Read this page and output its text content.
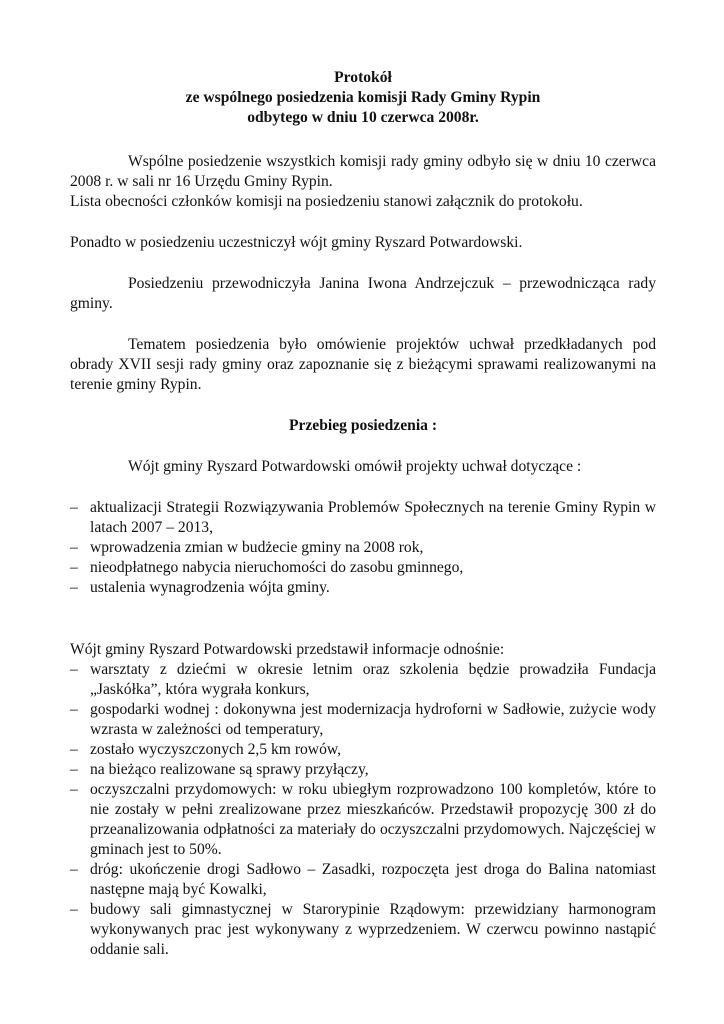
Protokół
ze wspólnego posiedzenia komisji Rady Gminy Rypin
odbytego w dniu 10 czerwca 2008r.

Wspólne posiedzenie wszystkich komisji rady gminy odbyło się w dniu 10 czerwca 2008 r. w sali nr 16 Urzędu Gminy Rypin.

Lista obecności członków komisji na posiedzeniu stanowi załącznik do protokołu.

Ponadto w posiedzeniu uczestniczył wójt gminy Ryszard Potwardowski.

Posiedzeniu przewodniczyła Janina Iwona Andrzejczuk – przewodnicząca rady gminy.

Tematem posiedzenia było omówienie projektów uchwał przedkładanych pod obrady XVII sesji rady gminy oraz zapoznanie się z bieżącymi sprawami realizowanymi na terenie gminy Rypin.

Przebieg posiedzenia :

Wójt gminy Ryszard Potwardowski omówił projekty uchwał dotyczące :

– aktualizacji Strategii Rozwiązywania Problemów Społecznych na terenie Gminy Rypin w latach 2007 – 2013,
– wprowadzenia zmian w budżecie gminy na 2008 rok,
– nieodpłatnego nabycia nieruchomości do zasobu gminnego,
– ustalenia wynagrodzenia wójta gminy.

Wójt gminy Ryszard Potwardowski przedstawił informacje odnośnie:

– warsztaty z dziećmi w okresie letnim oraz szkolenia będzie prowadziła Fundacja „Jaskółka”, która wygrała konkurs,
– gospodarki wodnej : dokonywna jest modernizacja hydroforni w Sadłowie, zużycie wody wzrasta w zależności od temperatury,
– zostało wyczyszczonych 2,5 km rowów,
– na bieżąco realizowane są sprawy przyłączy,
– oczyszczalni przydomowych: w roku ubiegłym rozprowadzono 100 kompletów, które to nie zostały w pełni zrealizowane przez mieszkańców. Przedstawił propozycję 300 zł do przeanalizowania odpłatności za materiały do oczyszczalni przydomowych. Najczęściej w gminach jest to 50%.
– dróg: ukończenie drogi Sadłowo – Zasadki, rozpoczęta jest droga do Balina natomiast następne mają być Kowalki,
– budowy sali gimnastycznej w Starorypinie Rządowym: przewidziany harmonogram wykonywanych prac jest wykonywany z wyprzedzeniem. W czerwcu powinno nastąpić oddanie sali.
